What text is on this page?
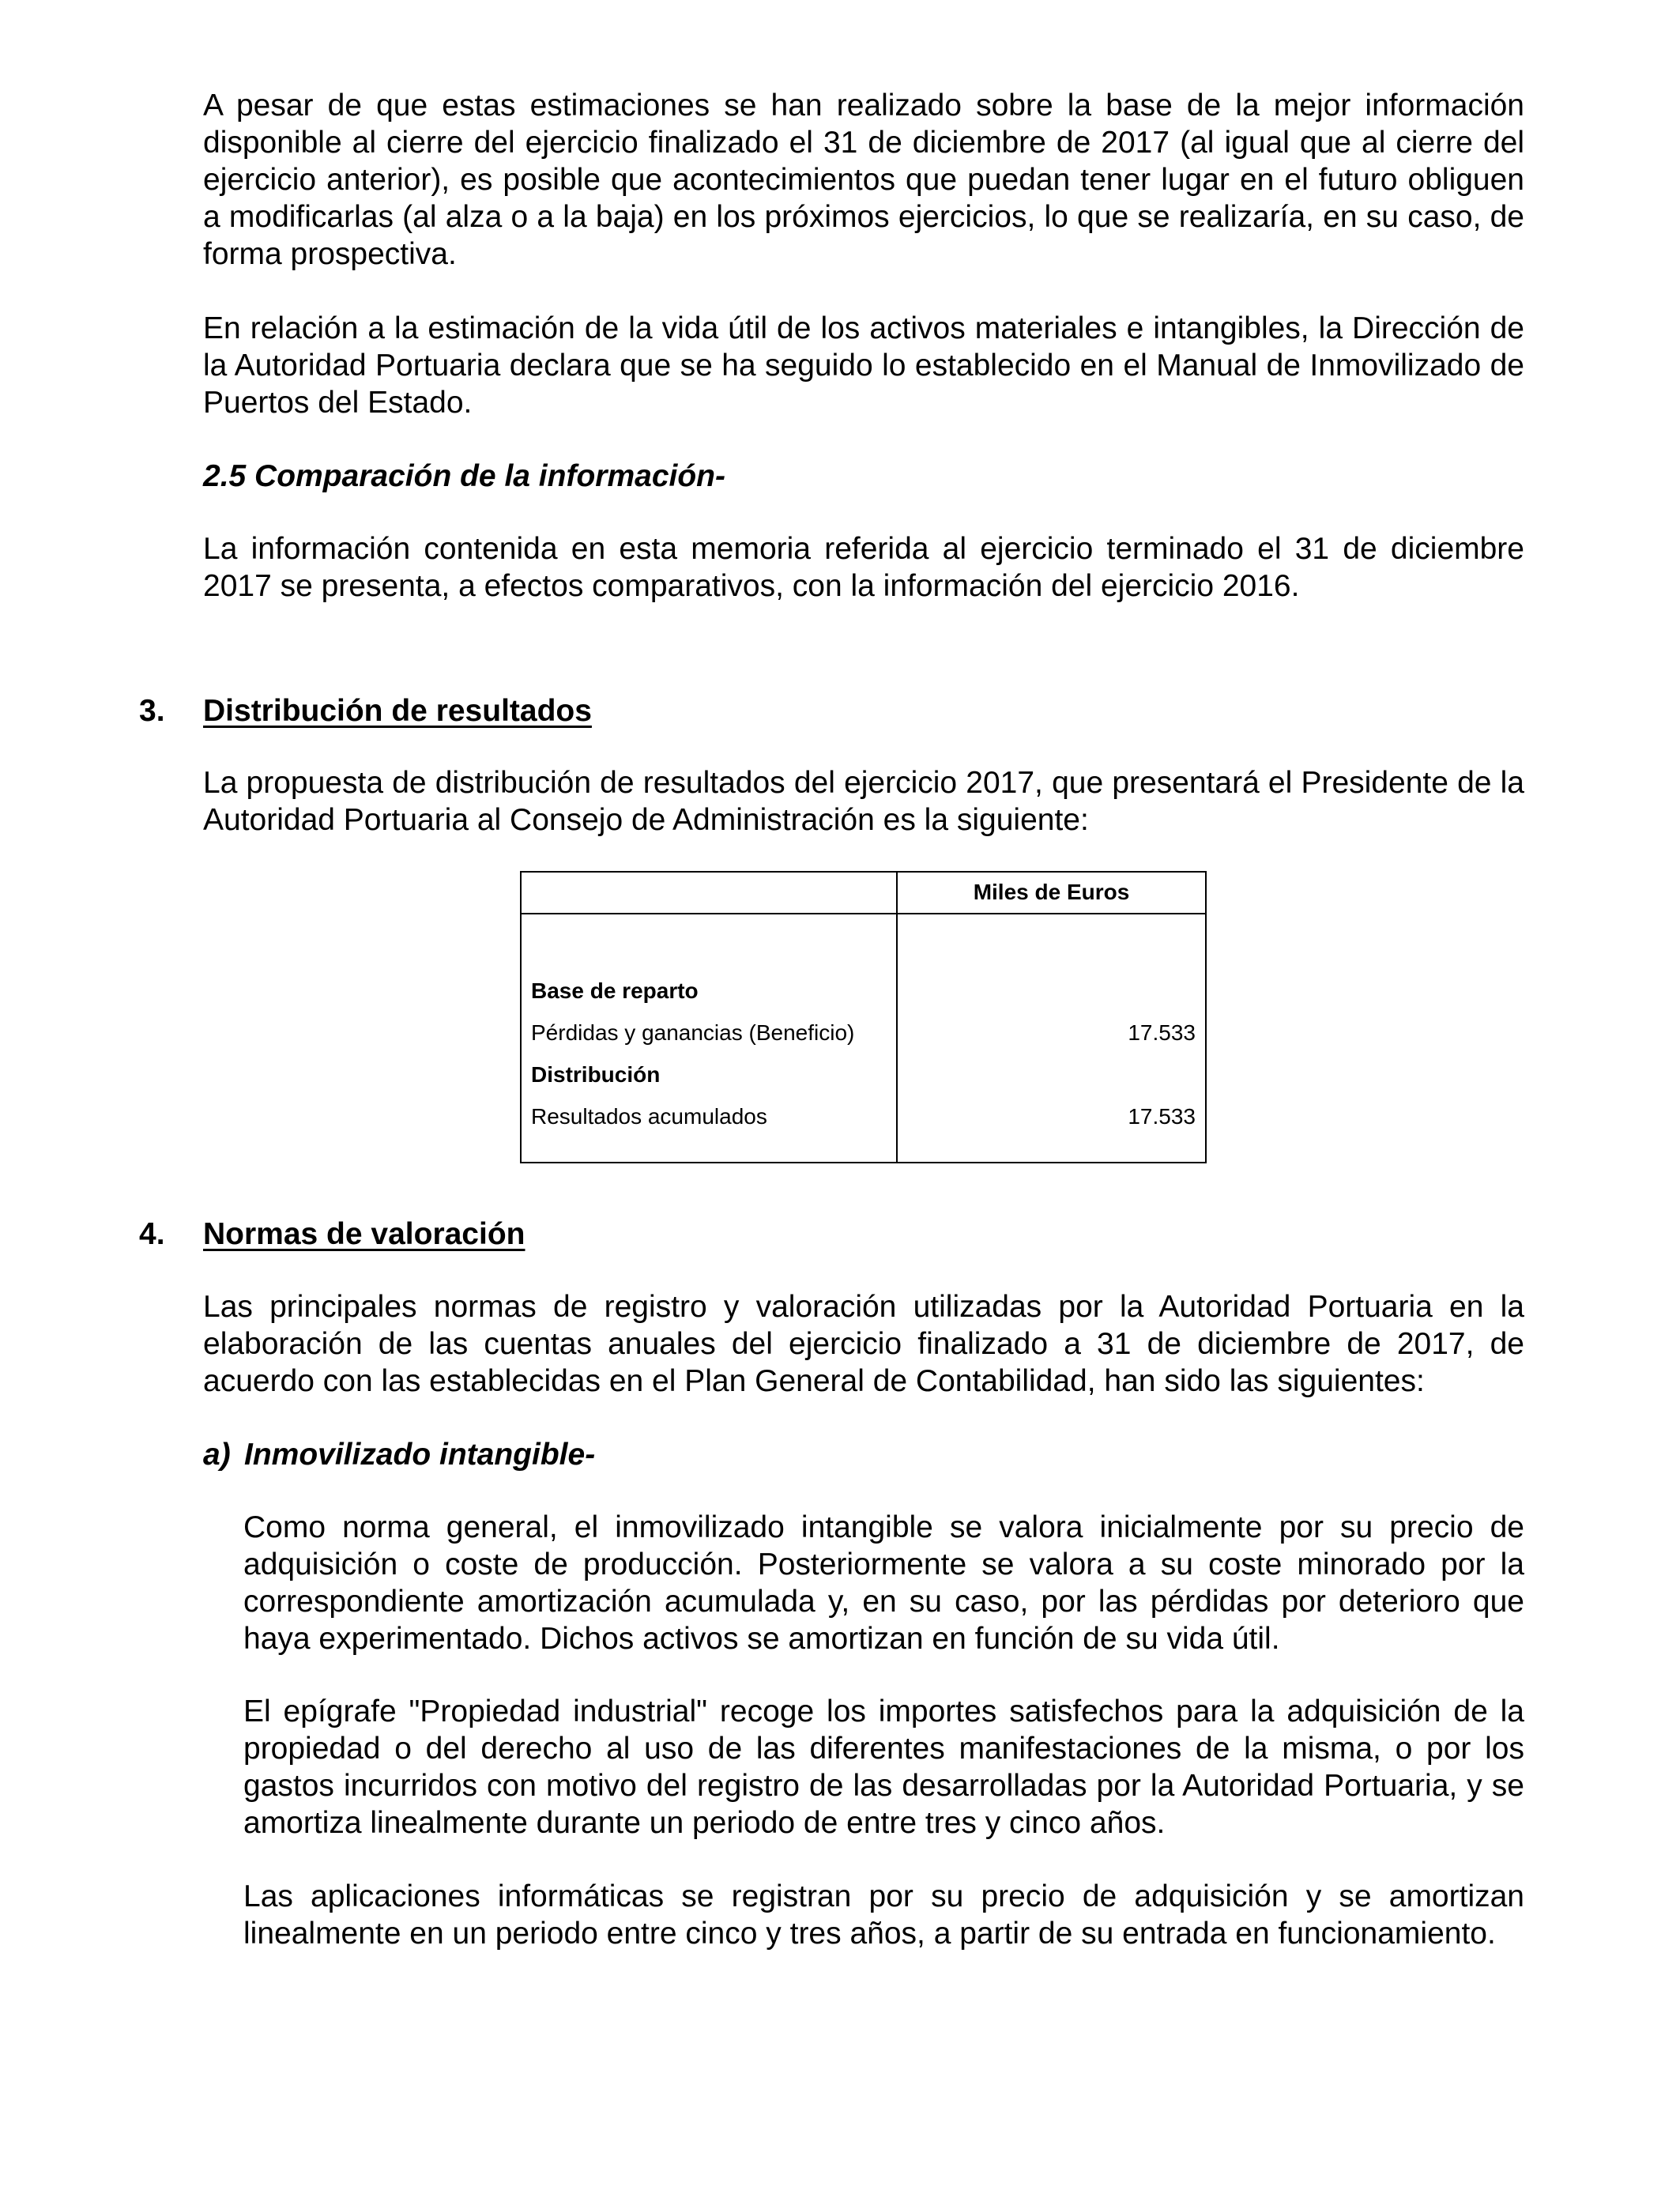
A pesar de que estas estimaciones se han realizado sobre la base de la mejor información disponible al cierre del ejercicio finalizado el 31 de diciembre de 2017 (al igual que al cierre del ejercicio anterior), es posible que acontecimientos que puedan tener lugar en el futuro obliguen a modificarlas (al alza o a la baja) en los próximos ejercicios, lo que se realizaría, en su caso, de forma prospectiva.

En relación a la estimación de la vida útil de los activos materiales e intangibles, la Dirección de la Autoridad Portuaria declara que se ha seguido lo establecido en el Manual de Inmovilizado de Puertos del Estado.

2.5 Comparación de la información-

La información contenida en esta memoria referida al ejercicio terminado el 31 de diciembre 2017 se presenta, a efectos comparativos, con la información del ejercicio 2016.

3. Distribución de resultados

La propuesta de distribución de resultados del ejercicio 2017, que presentará el Presidente de la Autoridad Portuaria al Consejo de Administración es la siguiente:

Miles de Euros
Base de reparto
Pérdidas y ganancias (Beneficio)	17.533
Distribución
Resultados acumulados	17.533

4. Normas de valoración

Las principales normas de registro y valoración utilizadas por la Autoridad Portuaria en la elaboración de las cuentas anuales del ejercicio finalizado a 31 de diciembre de 2017, de acuerdo con las establecidas en el Plan General de Contabilidad, han sido las siguientes:

a) Inmovilizado intangible-

Como norma general, el inmovilizado intangible se valora inicialmente por su precio de adquisición o coste de producción. Posteriormente se valora a su coste minorado por la correspondiente amortización acumulada y, en su caso, por las pérdidas por deterioro que haya experimentado. Dichos activos se amortizan en función de su vida útil.

El epígrafe "Propiedad industrial" recoge los importes satisfechos para la adquisición de la propiedad o del derecho al uso de las diferentes manifestaciones de la misma, o por los gastos incurridos con motivo del registro de las desarrolladas por la Autoridad Portuaria, y se amortiza linealmente durante un periodo de entre tres y cinco años.

Las aplicaciones informáticas se registran por su precio de adquisición y se amortizan linealmente en un periodo entre cinco y tres años, a partir de su entrada en funcionamiento.
